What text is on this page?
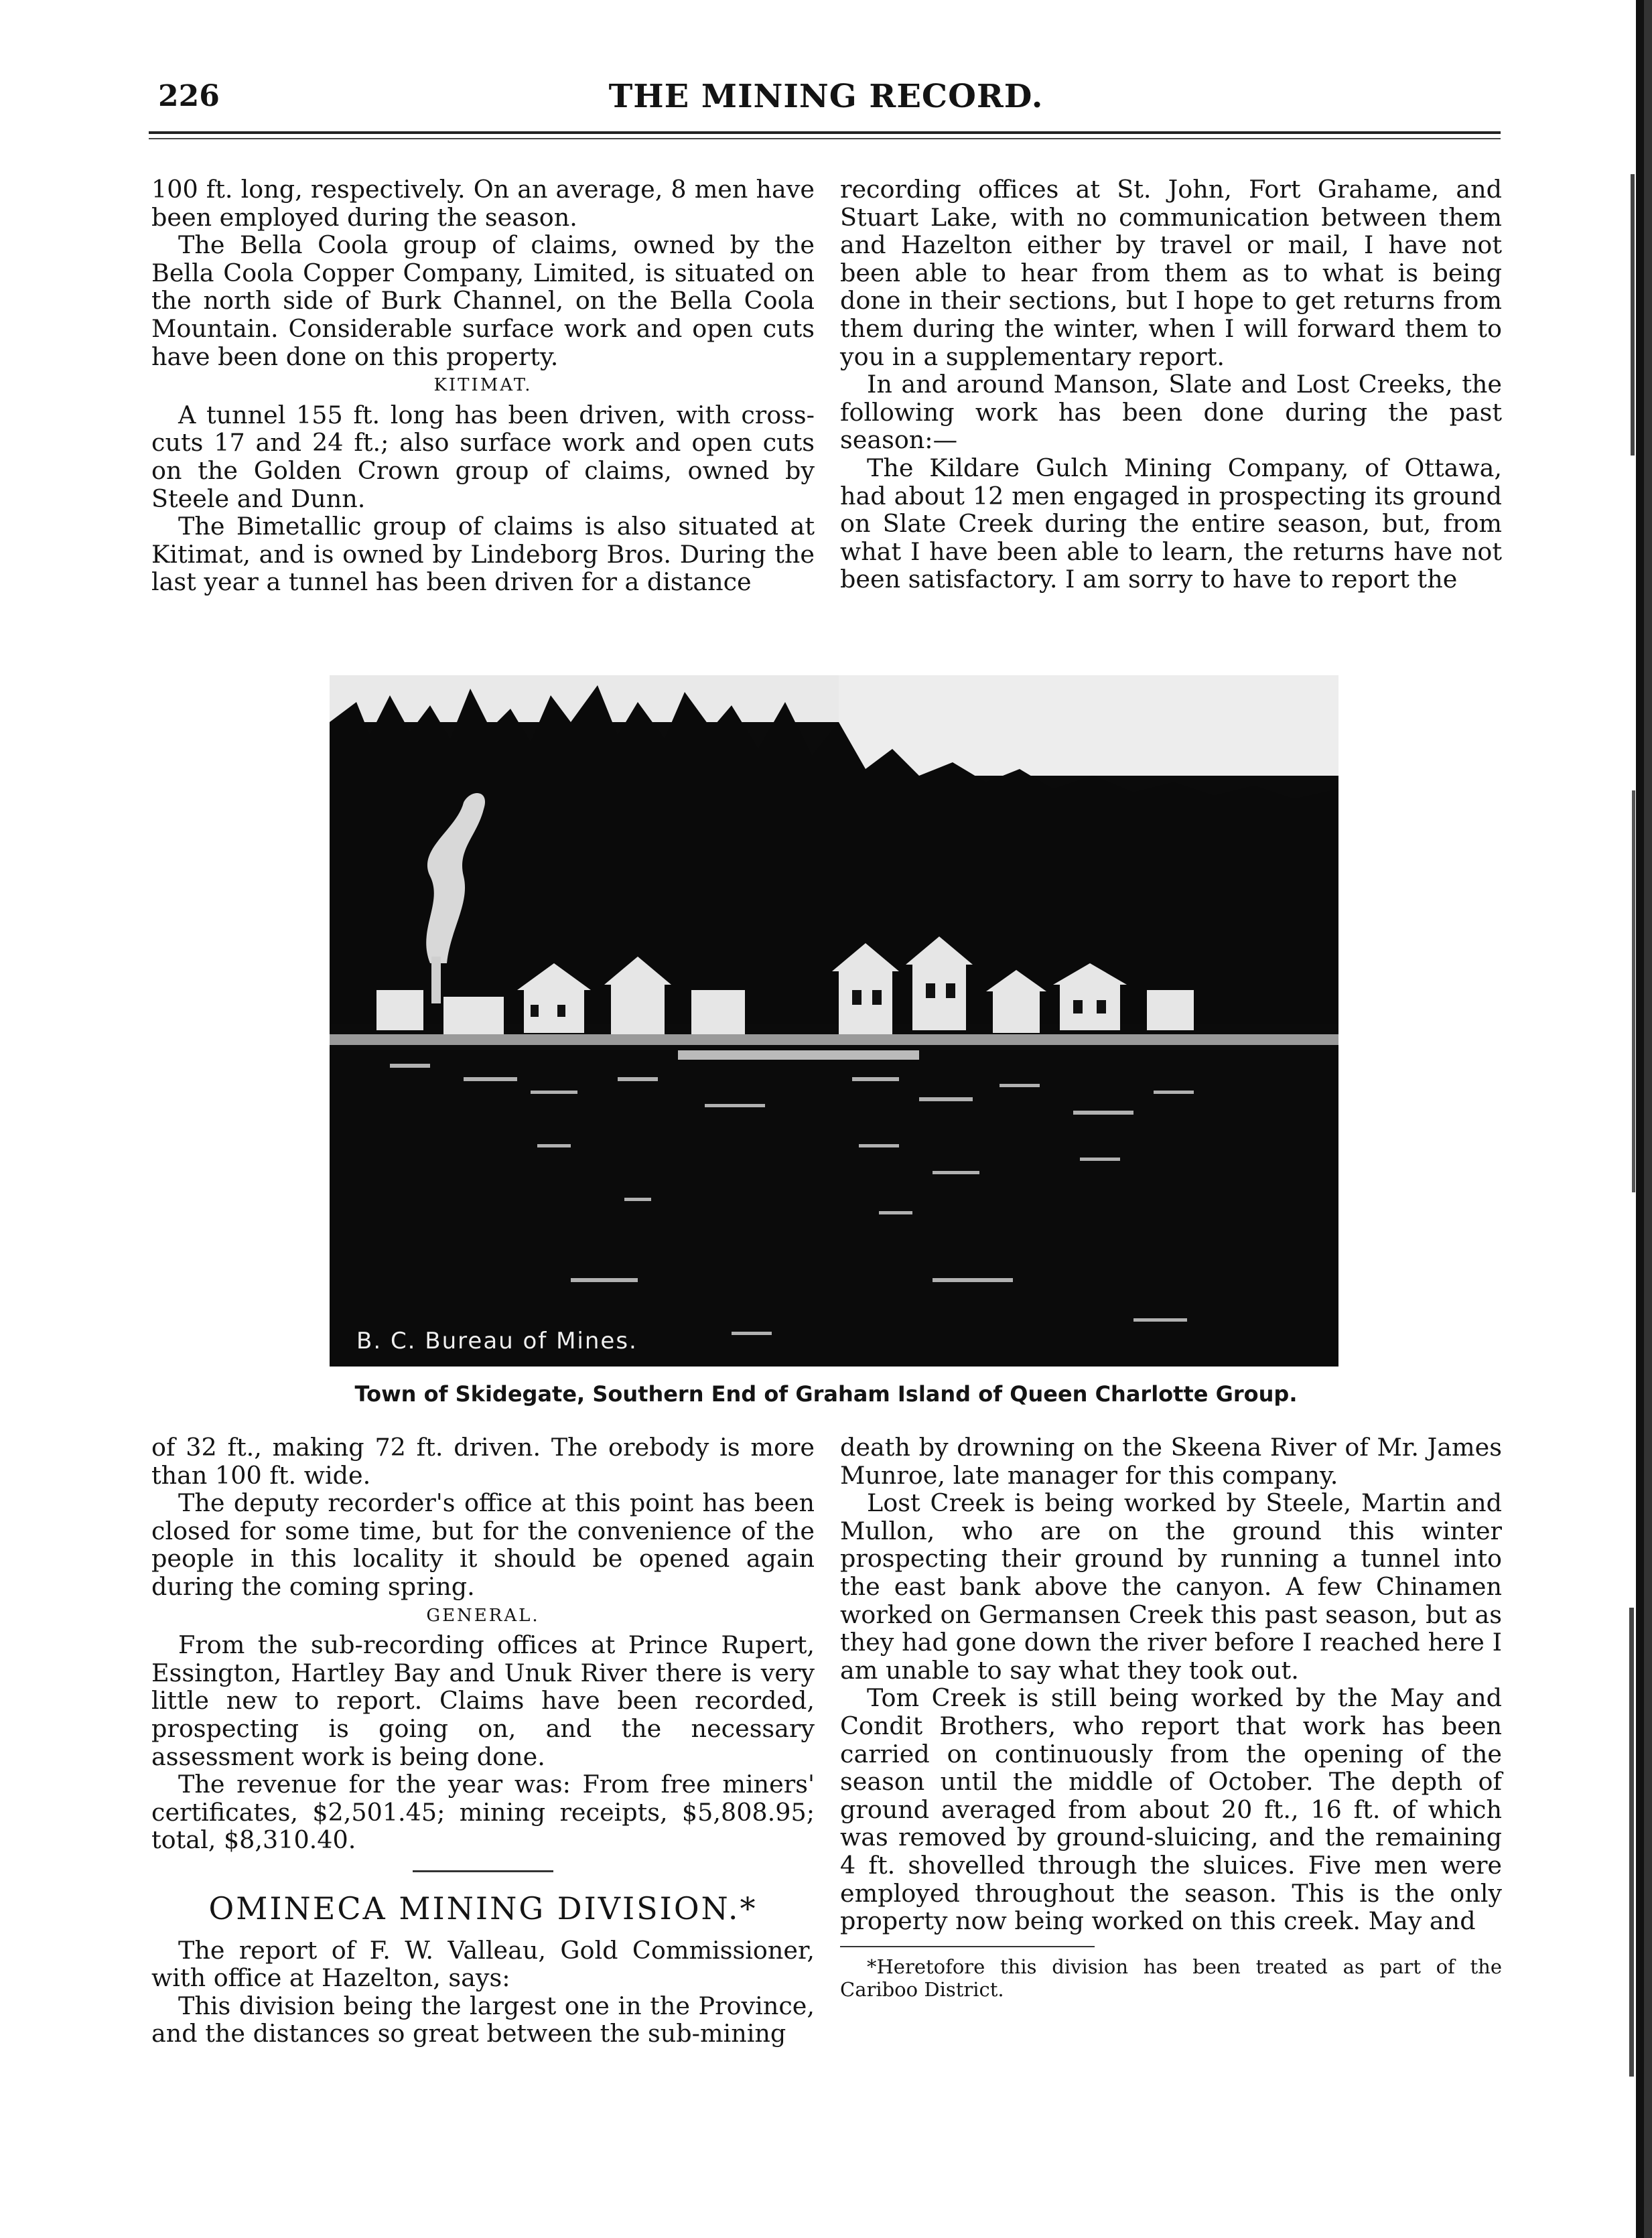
226	THE MINING RECORD.

100 ft. long, respectively. On an average, 8 men have been employed during the season.

The Bella Coola group of claims, owned by the Bella Coola Copper Company, Limited, is situated on the north side of Burk Channel, on the Bella Coola Mountain. Considerable surface work and open cuts have been done on this property.

KITIMAT.

A tunnel 155 ft. long has been driven, with cross-cuts 17 and 24 ft.; also surface work and open cuts on the Golden Crown group of claims, owned by Steele and Dunn.

The Bimetallic group of claims is also situated at Kitimat, and is owned by Lindeborg Bros. During the last year a tunnel has been driven for a distance

recording offices at St. John, Fort Grahame, and Stuart Lake, with no communication between them and Hazelton either by travel or mail, I have not been able to hear from them as to what is being done in their sections, but I hope to get returns from them during the winter, when I will forward them to you in a supplementary report.

In and around Manson, Slate and Lost Creeks, the following work has been done during the past season:—

The Kildare Gulch Mining Company, of Ottawa, had about 12 men engaged in prospecting its ground on Slate Creek during the entire season, but, from what I have been able to learn, the returns have not been satisfactory. I am sorry to have to report the

B. C. Bureau of Mines.
Town of Skidegate, Southern End of Graham Island of Queen Charlotte Group.

of 32 ft., making 72 ft. driven. The orebody is more than 100 ft. wide.

The deputy recorder's office at this point has been closed for some time, but for the convenience of the people in this locality it should be opened again during the coming spring.

GENERAL.

From the sub-recording offices at Prince Rupert, Essington, Hartley Bay and Unuk River there is very little new to report. Claims have been recorded, prospecting is going on, and the necessary assessment work is being done.

The revenue for the year was: From free miners' certificates, $2,501.45; mining receipts, $5,808.95; total, $8,310.40.

OMINECA MINING DIVISION.*

The report of F. W. Valleau, Gold Commissioner, with office at Hazelton, says:

This division being the largest one in the Province, and the distances so great between the sub-mining

death by drowning on the Skeena River of Mr. James Munroe, late manager for this company.

Lost Creek is being worked by Steele, Martin and Mullon, who are on the ground this winter prospecting their ground by running a tunnel into the east bank above the canyon. A few Chinamen worked on Germansen Creek this past season, but as they had gone down the river before I reached here I am unable to say what they took out.

Tom Creek is still being worked by the May and Condit Brothers, who report that work has been carried on continuously from the opening of the season until the middle of October. The depth of ground averaged from about 20 ft., 16 ft. of which was removed by ground-sluicing, and the remaining 4 ft. shovelled through the sluices. Five men were employed throughout the season. This is the only property now being worked on this creek. May and

*Heretofore this division has been treated as part of the Cariboo District.
